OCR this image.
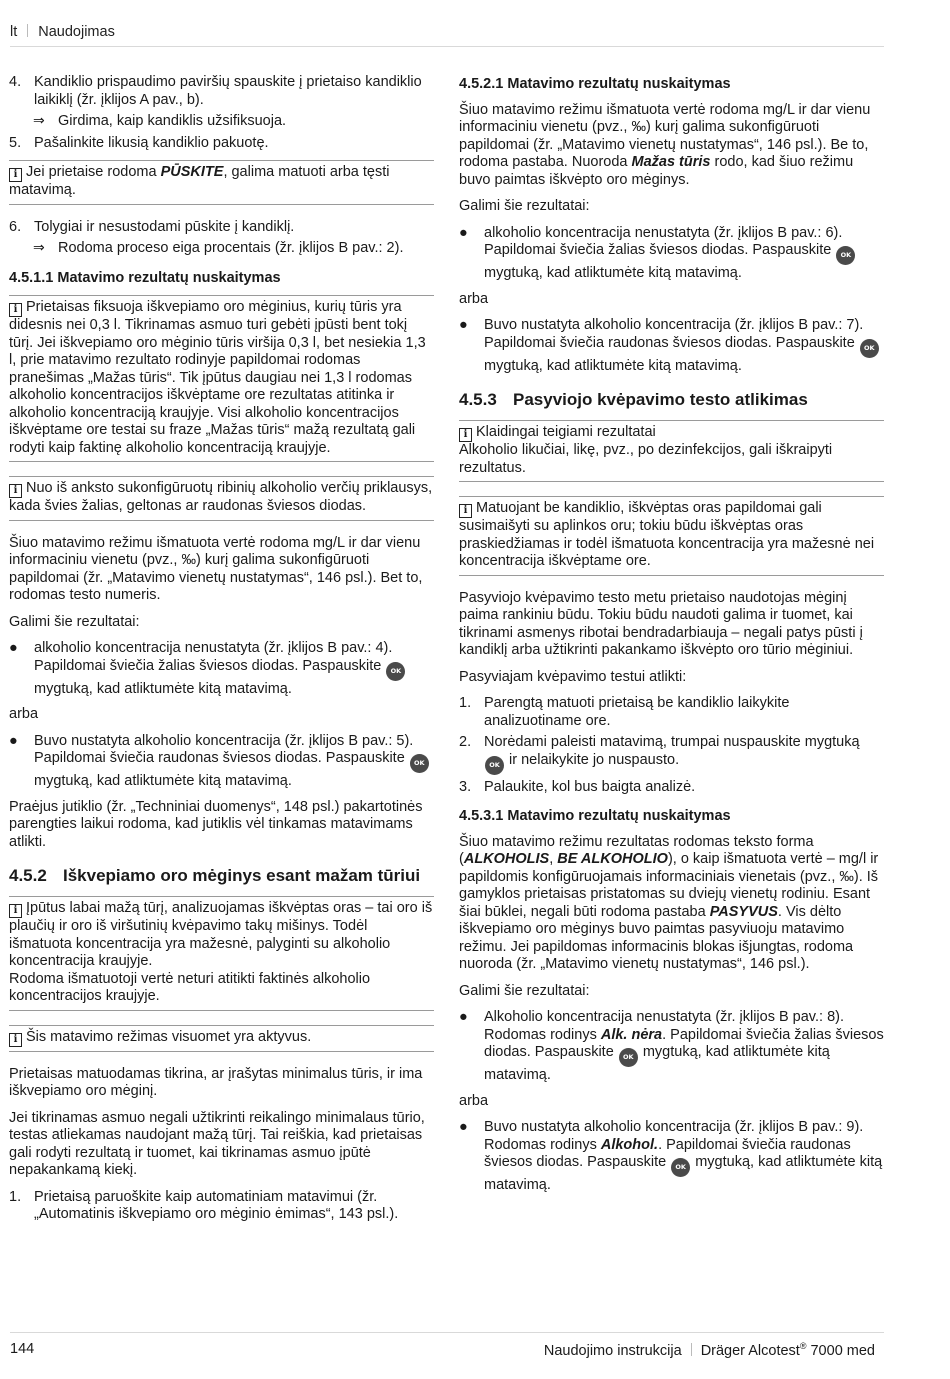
lt Naudojimas
4. Kandiklio prispaudimo paviršių spauskite į prietaiso kandiklio laikiklį (žr. įklijos A pav., b).
⇒ Girdima, kaip kandiklis užsifiksuoja.
5. Pašalinkite likusią kandiklio pakuotę.
i Jei prietaise rodoma PŪSKITE, galima matuoti arba tęsti matavimą.
6. Tolygiai ir nesustodami pūskite į kandiklį.
⇒ Rodoma proceso eiga procentais (žr. įklijos B pav.: 2).
4.5.1.1 Matavimo rezultatų nuskaitymas
i Prietaisas fiksuoja iškvepiamo oro mėginius, kurių tūris yra didesnis nei 0,3 l. Tikrinamas asmuo turi gebėti įpūsti bent tokį tūrį. Jei iškvepiamo oro mėginio tūris viršija 0,3 l, bet nesiekia 1,3 l, prie matavimo rezultato rodinyje papildomai rodomas pranešimas „Mažas tūris“. Tik įpūtus daugiau nei 1,3 l rodomas alkoholio koncentracijos iškvėptame ore rezultatas atitinka ir alkoholio koncentraciją kraujyje. Visi alkoholio koncentracijos iškvėptame ore testai su fraze „Mažas tūris“ mažą rezultatą gali rodyti kaip faktinę alkoholio koncentraciją kraujyje.
i Nuo iš anksto sukonfigūruotų ribinių alkoholio verčių priklausys, kada švies žalias, geltonas ar raudonas šviesos diodas.

Šiuo matavimo režimu išmatuota vertė rodoma mg/L ir dar vienu informaciniu vienetu (pvz., ‰) kurį galima sukonfigūruoti papildomai (žr. „Matavimo vienetų nustatymas“, 146 psl.). Bet to, rodomas testo numeris.

Galimi šie rezultatai:

●	alkoholio koncentracija nenustatyta (žr. įklijos B pav.: 4). Papildomai šviečia žalias šviesos diodas. Paspauskite OK mygtuką, kad atliktumėte kitą matavimą.

arba

●	Buvo nustatyta alkoholio koncentracija (žr. įklijos B pav.: 5). Papildomai šviečia raudonas šviesos diodas. Paspauskite OK mygtuką, kad atliktumėte kitą matavimą.

Praėjus jutiklio (žr. „Techniniai duomenys“, 148 psl.) pakartotinės parengties laikui rodoma, kad jutiklis vėl tinkamas matavimams atlikti.

4.5.2 Iškvepiamo oro mėginys esant mažam tūriui
i Įpūtus labai mažą tūrį, analizuojamas iškvėptas oras – tai oro iš plaučių ir oro iš viršutinių kvėpavimo takų mišinys. Todėl išmatuota koncentracija yra mažesnė, palyginti su alkoholio koncentracija kraujyje.
Rodoma išmatuotoji vertė neturi atitikti faktinės alkoholio koncentracijos kraujyje.
i Šis matavimo režimas visuomet yra aktyvus.

Prietaisas matuodamas tikrina, ar įrašytas minimalus tūris, ir ima iškvepiamo oro mėginį.

Jei tikrinamas asmuo negali užtikrinti reikalingo minimalaus tūrio, testas atliekamas naudojant mažą tūrį. Tai reiškia, kad prietaisas gali rodyti rezultatą ir tuomet, kai tikrinamas asmuo įpūtė nepakankamą kiekį.

1. Prietaisą paruoškite kaip automatiniam matavimui (žr. „Automatinis iškvepiamo oro mėginio ėmimas“, 143 psl.).
4.5.2.1 Matavimo rezultatų nuskaitymas

Šiuo matavimo režimu išmatuota vertė rodoma mg/L ir dar vienu informaciniu vienetu (pvz., ‰) kurį galima sukonfigūruoti papildomai (žr. „Matavimo vienetų nustatymas“, 146 psl.). Be to, rodoma pastaba. Nuoroda Mažas tūris rodo, kad šiuo režimu buvo paimtas iškvėpto oro mėginys.

Galimi šie rezultatai:

●	alkoholio koncentracija nenustatyta (žr. įklijos B pav.: 6). Papildomai šviečia žalias šviesos diodas. Paspauskite OK mygtuką, kad atliktumėte kitą matavimą.

arba

●	Buvo nustatyta alkoholio koncentracija (žr. įklijos B pav.: 7). Papildomai šviečia raudonas šviesos diodas. Paspauskite OK mygtuką, kad atliktumėte kitą matavimą.
4.5.3 Pasyviojo kvėpavimo testo atlikimas
i Klaidingai teigiami rezultatai
Alkoholio likučiai, likę, pvz., po dezinfekcijos, gali iškraipyti rezultatus.
i Matuojant be kandiklio, iškvėptas oras papildomai gali susimaišyti su aplinkos oru; tokiu būdu iškvėptas oras praskiedžiamas ir todėl išmatuota koncentracija yra mažesnė nei koncentracija iškvėptame ore.

Pasyviojo kvėpavimo testo metu prietaiso naudotojas mėginį paima rankiniu būdu. Tokiu būdu naudoti galima ir tuomet, kai tikrinami asmenys ribotai bendradarbiauja – negali patys pūsti į kandiklį arba užtikrinti pakankamo iškvėpto oro tūrio mėginiui.

Pasyviajam kvėpavimo testui atlikti:

1. Parengtą matuoti prietaisą be kandiklio laikykite analizuotiname ore.
2. Norėdami paleisti matavimą, trumpai nuspauskite mygtuką OK ir nelaikykite jo nuspausto.
3. Palaukite, kol bus baigta analizė.
4.5.3.1 Matavimo rezultatų nuskaitymas

Šiuo matavimo režimu rezultatas rodomas teksto forma (ALKOHOLIS, BE ALKOHOLIO), o kaip išmatuota vertė – mg/l ir papildomis konfigūruojamais informaciniais vienetais (pvz., ‰). Iš gamyklos prietaisas pristatomas su dviejų vienetų rodiniu. Esant šiai būklei, negali būti rodoma pastaba PASYVUS. Vis dėlto iškvepiamo oro mėginys buvo paimtas pasyviuoju matavimo režimu. Jei papildomas informacinis blokas išjungtas, rodoma nuoroda (žr. „Matavimo vienetų nustatymas“, 146 psl.).

Galimi šie rezultatai:

●	Alkoholio koncentracija nenustatyta (žr. įklijos B pav.: 8). Rodomas rodinys Alk. nėra. Papildomai šviečia žalias šviesos diodas. Paspauskite OK mygtuką, kad atliktumėte kitą matavimą.

arba

●	Buvo nustatyta alkoholio koncentracija (žr. įklijos B pav.: 9). Rodomas rodinys Alkohol.. Papildomai šviečia raudonas šviesos diodas. Paspauskite OK mygtuką, kad atliktumėte kitą matavimą.
144	Naudojimo instrukcija Dräger Alcotest® 7000 med
